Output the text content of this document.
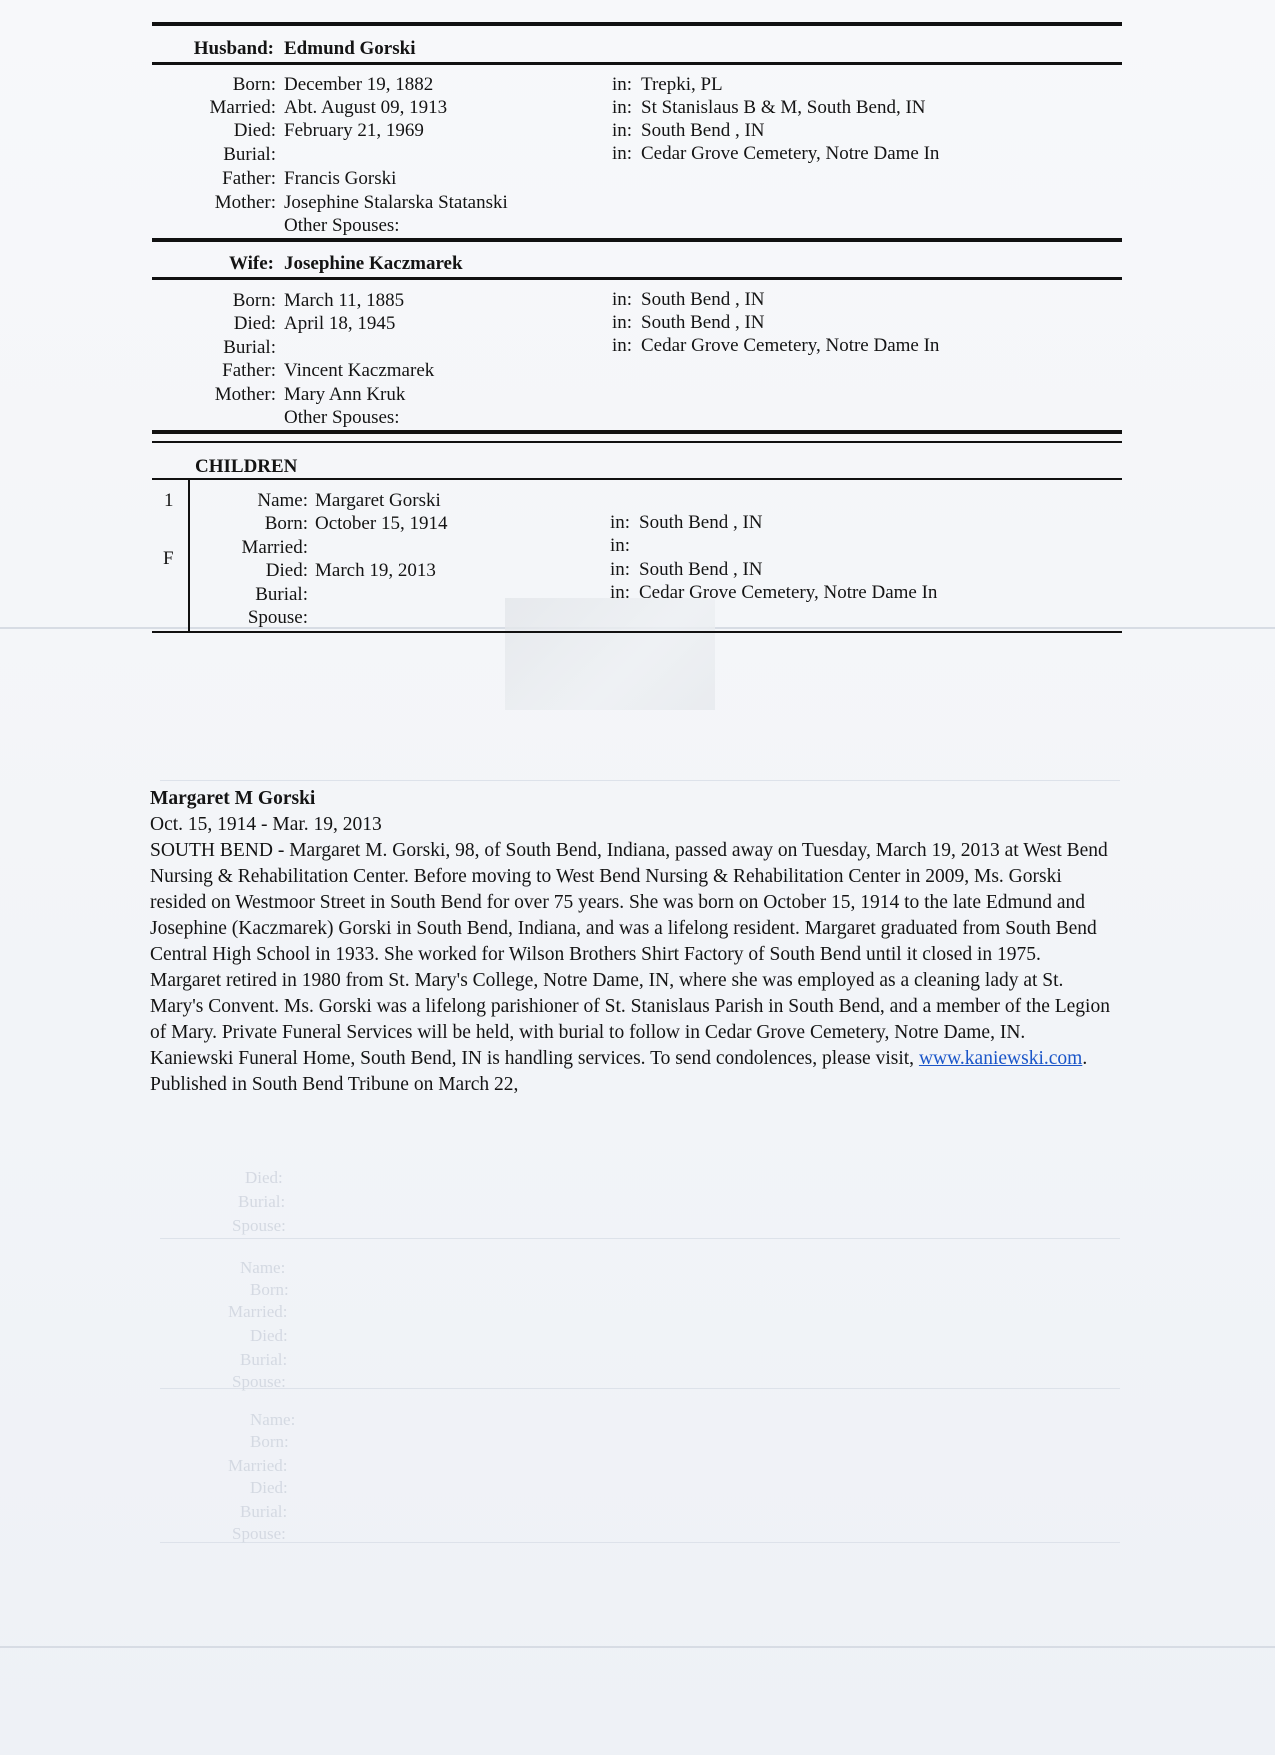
Died:
Burial:
Spouse:
Name:
Born:
Married:
Died:
Burial:
Spouse:
Name:
Born:
Married:
Died:
Burial:
Spouse:
Husband: Edmund Gorski
Born: December 19, 1882	in: Trepki, PL
Married: Abt. August 09, 1913	in: St Stanislaus B & M, South Bend, IN
Died: February 21, 1969	in: South Bend , IN
Burial:	in: Cedar Grove Cemetery, Notre Dame In
Father: Francis Gorski
Mother: Josephine Stalarska Statanski
Other Spouses:
Wife: Josephine Kaczmarek
Born: March 11, 1885	in: South Bend , IN
Died: April 18, 1945	in: South Bend , IN
Burial:	in: Cedar Grove Cemetery, Notre Dame In
Father: Vincent Kaczmarek
Mother: Mary Ann Kruk
Other Spouses:
CHILDREN
1
F
Name: Margaret Gorski
Born: October 15, 1914	in: South Bend , IN
Married:	in:
Died: March 19, 2013	in: South Bend , IN
Burial:	in: Cedar Grove Cemetery, Notre Dame In
Spouse:

Margaret M Gorski

Oct. 15, 1914 - Mar. 19, 2013

SOUTH BEND - Margaret M. Gorski, 98, of South Bend, Indiana, passed away on Tuesday, March 19, 2013 at West Bend Nursing & Rehabilitation Center. Before moving to West Bend Nursing & Rehabilitation Center in 2009, Ms. Gorski resided on Westmoor Street in South Bend for over 75 years. She was born on October 15, 1914 to the late Edmund and Josephine (Kaczmarek) Gorski in South Bend, Indiana, and was a lifelong resident. Margaret graduated from South Bend Central High School in 1933. She worked for Wilson Brothers Shirt Factory of South Bend until it closed in 1975. Margaret retired in 1980 from St. Mary's College, Notre Dame, IN, where she was employed as a cleaning lady at St. Mary's Convent. Ms. Gorski was a lifelong parishioner of St. Stanislaus Parish in South Bend, and a member of the Legion of Mary. Private Funeral Services will be held, with burial to follow in Cedar Grove Cemetery, Notre Dame, IN. Kaniewski Funeral Home, South Bend, IN is handling services. To send condolences, please visit, www.kaniewski.com.

Published in South Bend Tribune on March 22,
